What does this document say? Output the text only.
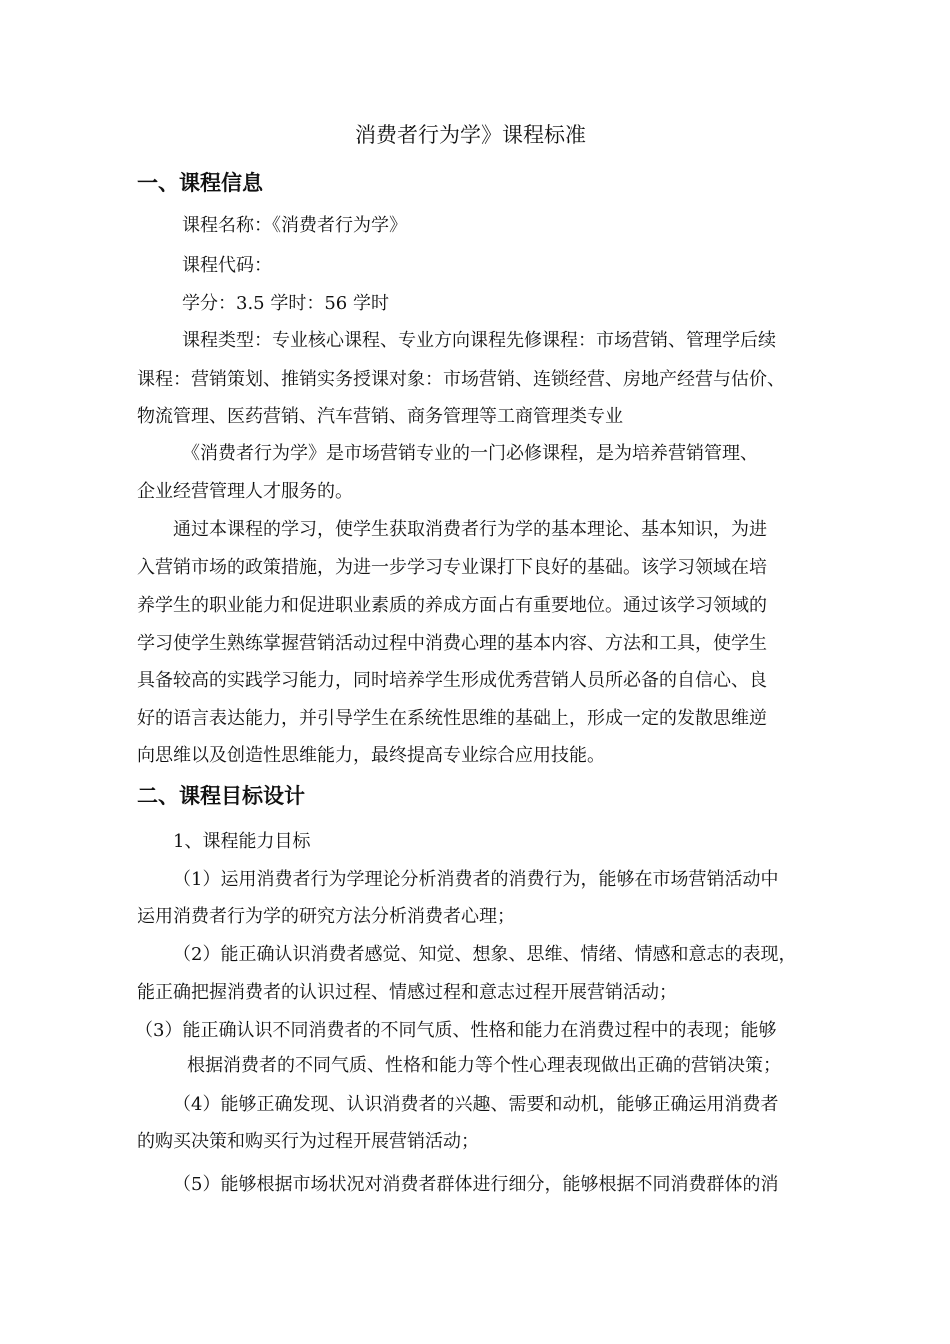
消费者行为学》课程标准
一、课程信息
课程名称：《消费者行为学》
课程代码：
学分：3.5 学时：56 学时
课程类型：专业核心课程、专业方向课程先修课程：市场营销、管理学后续
课程：营销策划、推销实务授课对象：市场营销、连锁经营、房地产经营与估价、
物流管理、医药营销、汽车营销、商务管理等工商管理类专业
《消费者行为学》是市场营销专业的一门必修课程，是为培养营销管理、
企业经营管理人才服务的。
通过本课程的学习，使学生获取消费者行为学的基本理论、基本知识，为进
入营销市场的政策措施，为进一步学习专业课打下良好的基础。该学习领域在培
养学生的职业能力和促进职业素质的养成方面占有重要地位。通过该学习领域的
学习使学生熟练掌握营销活动过程中消费心理的基本内容、方法和工具，使学生
具备较高的实践学习能力，同时培养学生形成优秀营销人员所必备的自信心、良
好的语言表达能力，并引导学生在系统性思维的基础上，形成一定的发散思维逆
向思维以及创造性思维能力，最终提高专业综合应用技能。
二、课程目标设计
1、课程能力目标
（1）运用消费者行为学理论分析消费者的消费行为，能够在市场营销活动中
运用消费者行为学的研究方法分析消费者心理；
（2）能正确认识消费者感觉、知觉、想象、思维、情绪、情感和意志的表现，
能正确把握消费者的认识过程、情感过程和意志过程开展营销活动；
（3）能正确认识不同消费者的不同气质、性格和能力在消费过程中的表现；能够
根据消费者的不同气质、性格和能力等个性心理表现做出正确的营销决策；
（4）能够正确发现、认识消费者的兴趣、需要和动机，能够正确运用消费者
的购买决策和购买行为过程开展营销活动；
（5）能够根据市场状况对消费者群体进行细分，能够根据不同消费群体的消
